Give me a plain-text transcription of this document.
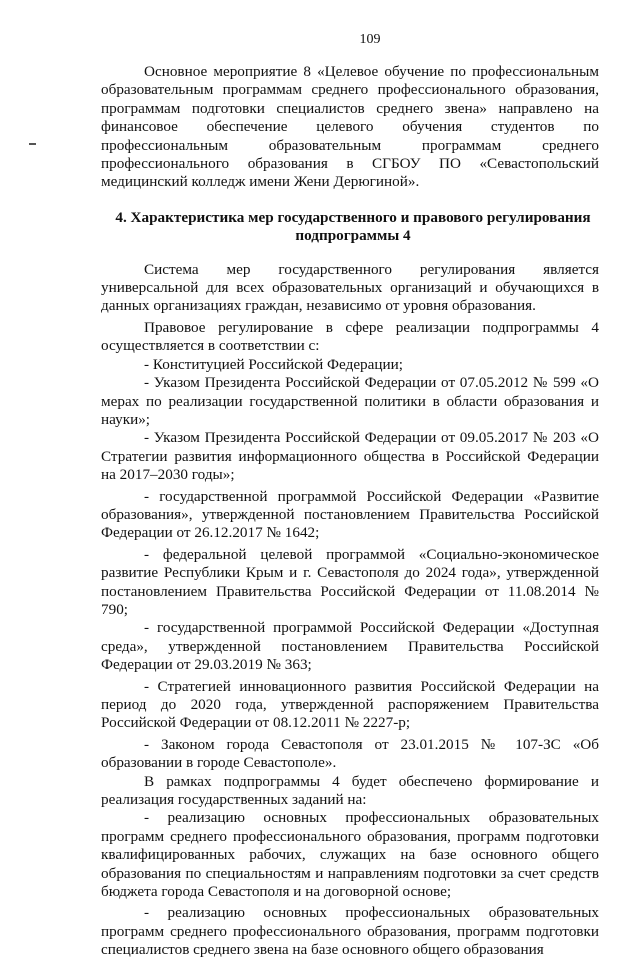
109

Основное мероприятие 8 «Целевое обучение по профессиональным образовательным программам среднего профессионального образования, программам подготовки специалистов среднего звена» направлено на финансовое обеспечение целевого обучения студентов по профессиональным образовательным программам среднего профессионального образования в СГБОУ ПО «Севастопольский медицинский колледж имени Жени Дерюгиной».

4. Характеристика мер государственного и правового регулирования
подпрограммы 4

Система мер государственного регулирования является универсальной для всех образовательных организаций и обучающихся в данных организациях граждан, независимо от уровня образования.

Правовое регулирование в сфере реализации подпрограммы 4 осуществляется в соответствии с:

- Конституцией Российской Федерации;

- Указом Президента Российской Федерации от 07.05.2012 № 599 «О мерах по реализации государственной политики в области образования и науки»;

- Указом Президента Российской Федерации от 09.05.2017 № 203 «О Стратегии развития информационного общества в Российской Федерации на 2017–2030 годы»;

- государственной программой Российской Федерации «Развитие образования», утвержденной постановлением Правительства Российской Федерации от 26.12.2017 № 1642;

- федеральной целевой программой «Социально-экономическое развитие Республики Крым и г. Севастополя до 2024 года», утвержденной постановлением Правительства Российской Федерации от 11.08.2014 № 790;

- государственной программой Российской Федерации «Доступная среда», утвержденной постановлением Правительства Российской Федерации от 29.03.2019 № 363;

- Стратегией инновационного развития Российской Федерации на период до 2020 года, утвержденной распоряжением Правительства Российской Федерации от 08.12.2011 № 2227-р;

- Законом города Севастополя от 23.01.2015 № 107-ЗС «Об образовании в городе Севастополе».

В рамках подпрограммы 4 будет обеспечено формирование и реализация государственных заданий на:

- реализацию основных профессиональных образовательных программ среднего профессионального образования, программ подготовки квалифицированных рабочих, служащих на базе основного общего образования по специальностям и направлениям подготовки за счет средств бюджета города Севастополя и на договорной основе;

- реализацию основных профессиональных образовательных программ среднего профессионального образования, программ подготовки специалистов среднего звена на базе основного общего образования
